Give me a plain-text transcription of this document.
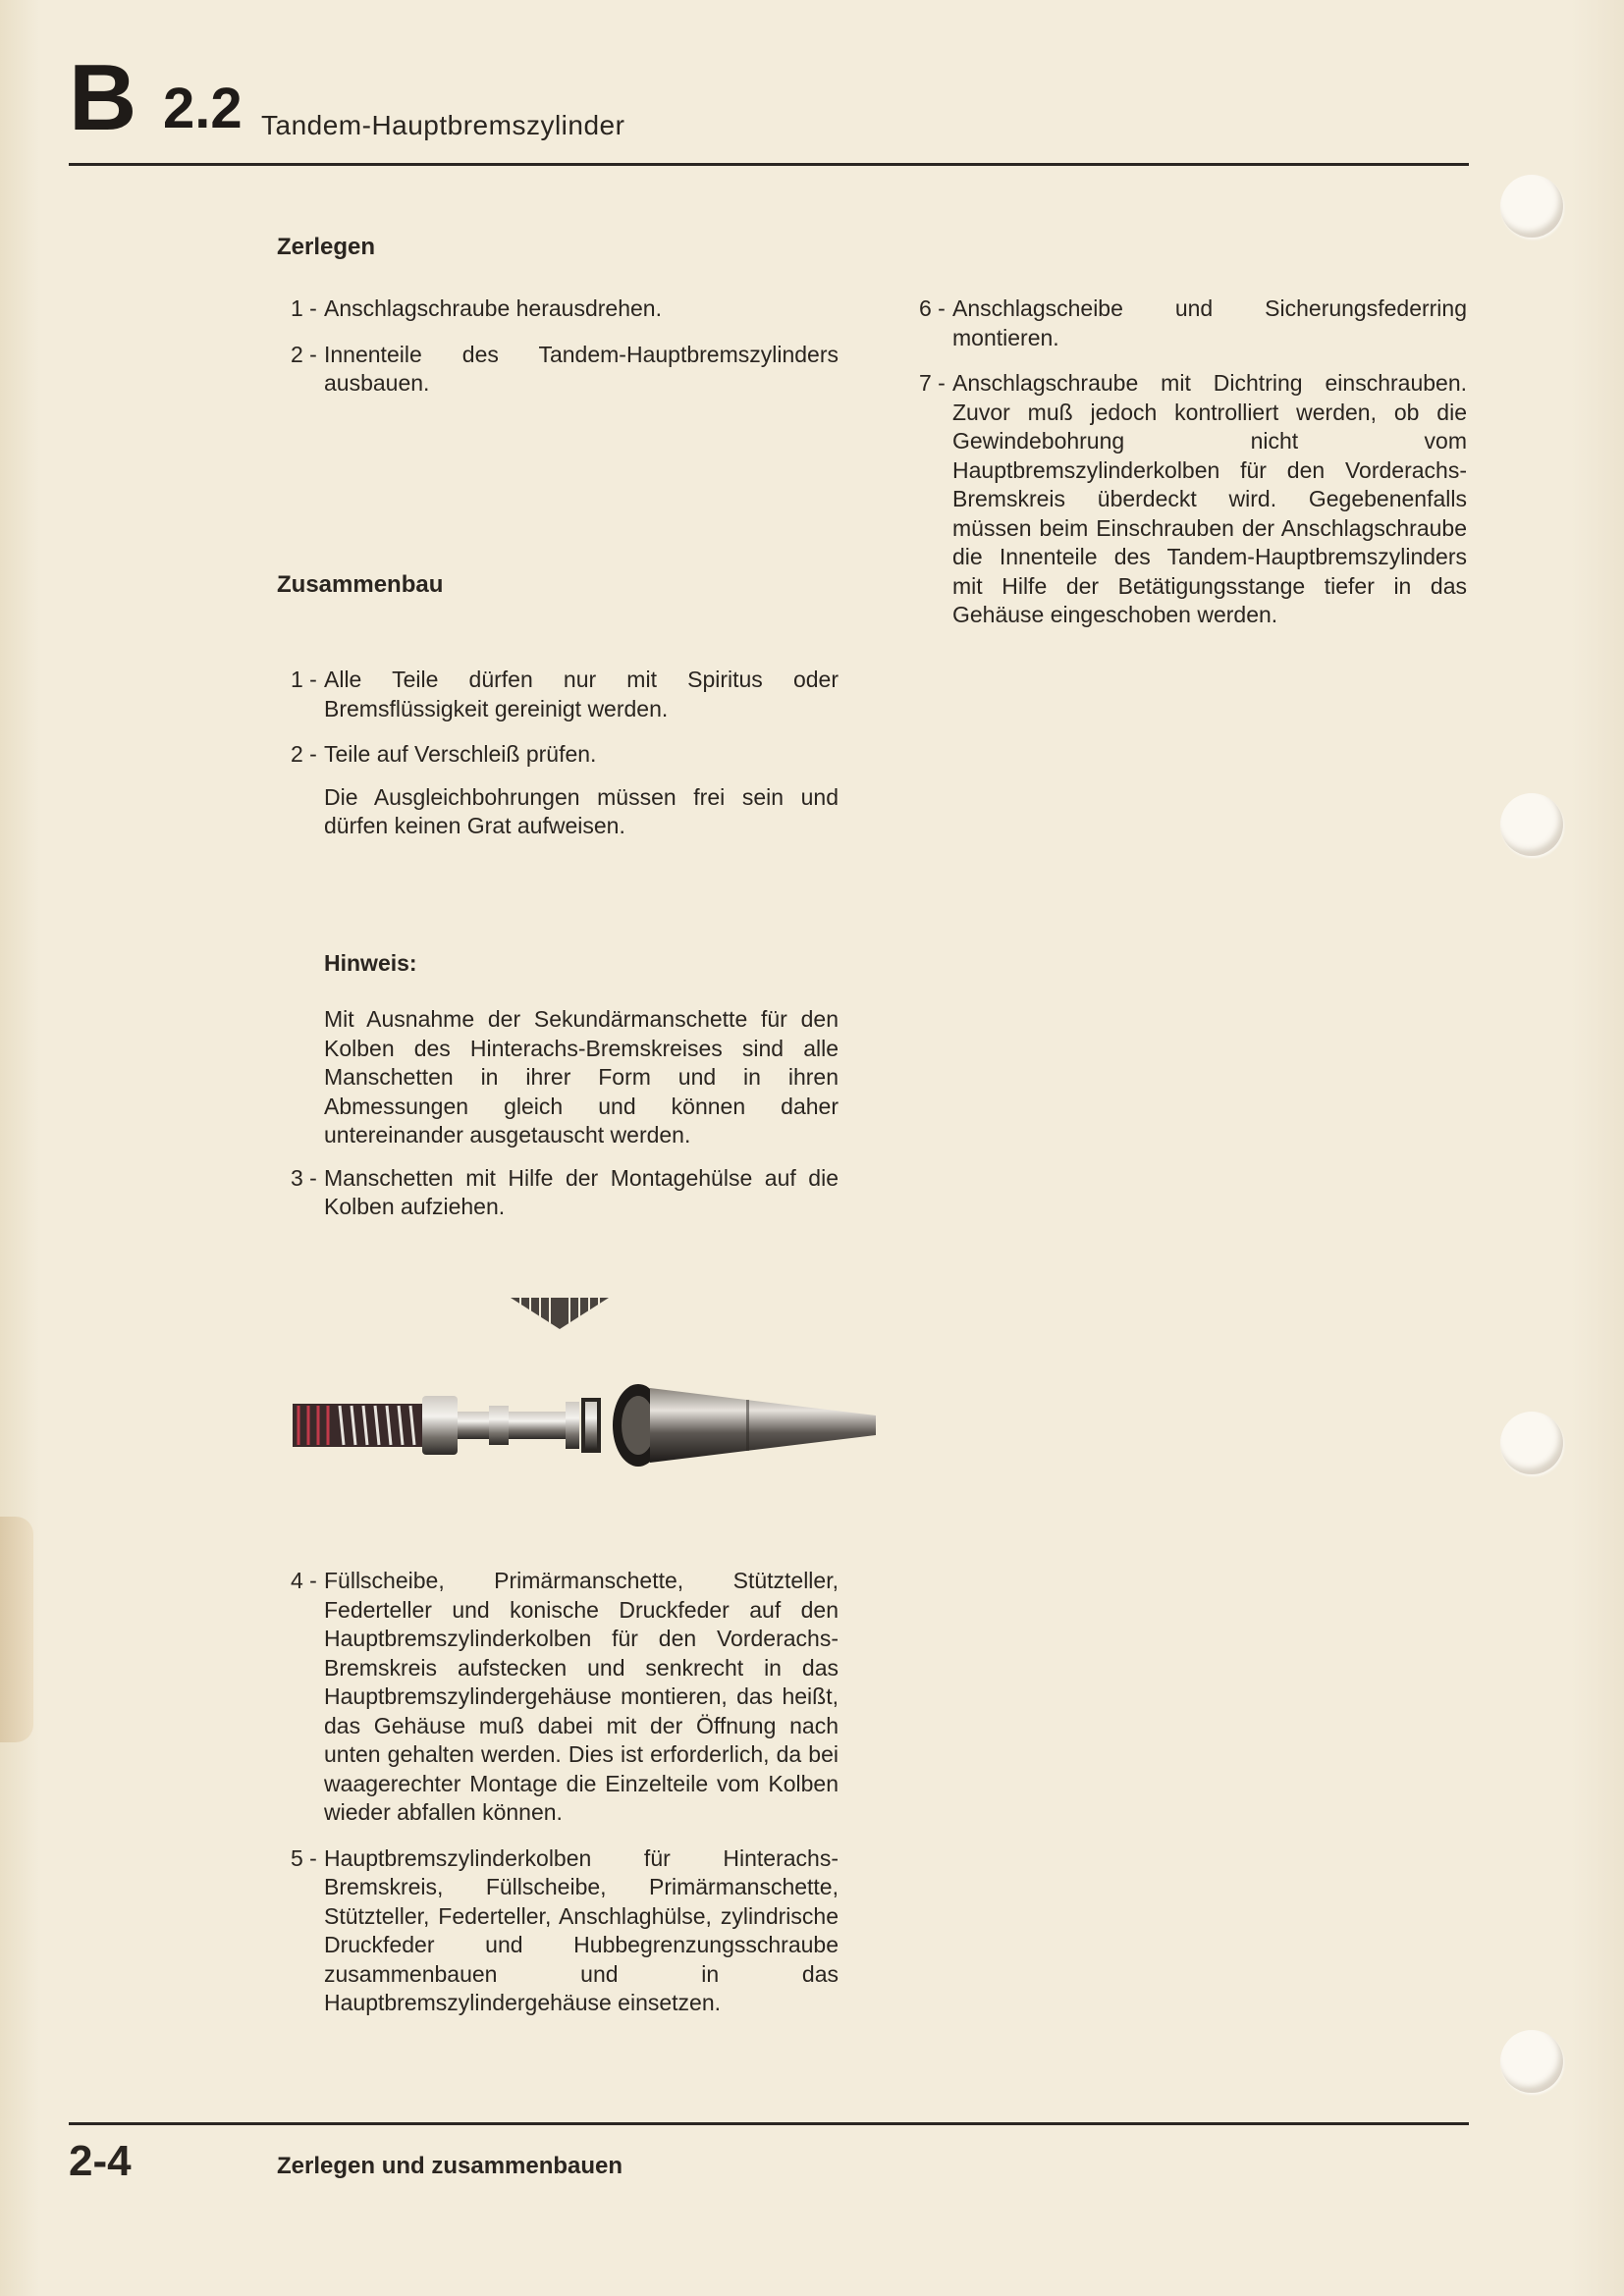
B 2.2 Tandem-Hauptbremszylinder
Zerlegen

1 - Anschlagschraube herausdrehen.

2 - Innenteile des Tandem-Hauptbremszylinders ausbauen.

Zusammenbau

1 - Alle Teile dürfen nur mit Spiritus oder Bremsflüssigkeit gereinigt werden.

2 - Teile auf Verschleiß prüfen.

Die Ausgleichbohrungen müssen frei sein und dürfen keinen Grat aufweisen.

Hinweis:

Mit Ausnahme der Sekundärmanschette für den Kolben des Hinterachs-Bremskreises sind alle Manschetten in ihrer Form und in ihren Abmessungen gleich und können daher untereinander ausgetauscht werden.

3 - Manschetten mit Hilfe der Montagehülse auf die Kolben aufziehen.

4 - Füllscheibe, Primärmanschette, Stützteller, Federteller und konische Druckfeder auf den Hauptbremszylinderkolben für den Vorderachs-Bremskreis aufstecken und senkrecht in das Hauptbremszylindergehäuse montieren, das heißt, das Gehäuse muß dabei mit der Öffnung nach unten gehalten werden. Dies ist erforderlich, da bei waagerechter Montage die Einzelteile vom Kolben wieder abfallen können.

5 - Hauptbremszylinderkolben für Hinterachs-Bremskreis, Füllscheibe, Primärmanschette, Stützteller, Federteller, Anschlaghülse, zylindrische Druckfeder und Hubbegrenzungsschraube zusammenbauen und in das Hauptbremszylindergehäuse einsetzen.

6 - Anschlagscheibe und Sicherungsfederring montieren.

7 - Anschlagschraube mit Dichtring einschrauben. Zuvor muß jedoch kontrolliert werden, ob die Gewindebohrung nicht vom Hauptbremszylinderkolben für den Vorderachs-Bremskreis überdeckt wird. Gegebenenfalls müssen beim Einschrauben der Anschlagschraube die Innenteile des Tandem-Hauptbremszylinders mit Hilfe der Betätigungsstange tiefer in das Gehäuse eingeschoben werden.

2-4	Zerlegen und zusammenbauen
